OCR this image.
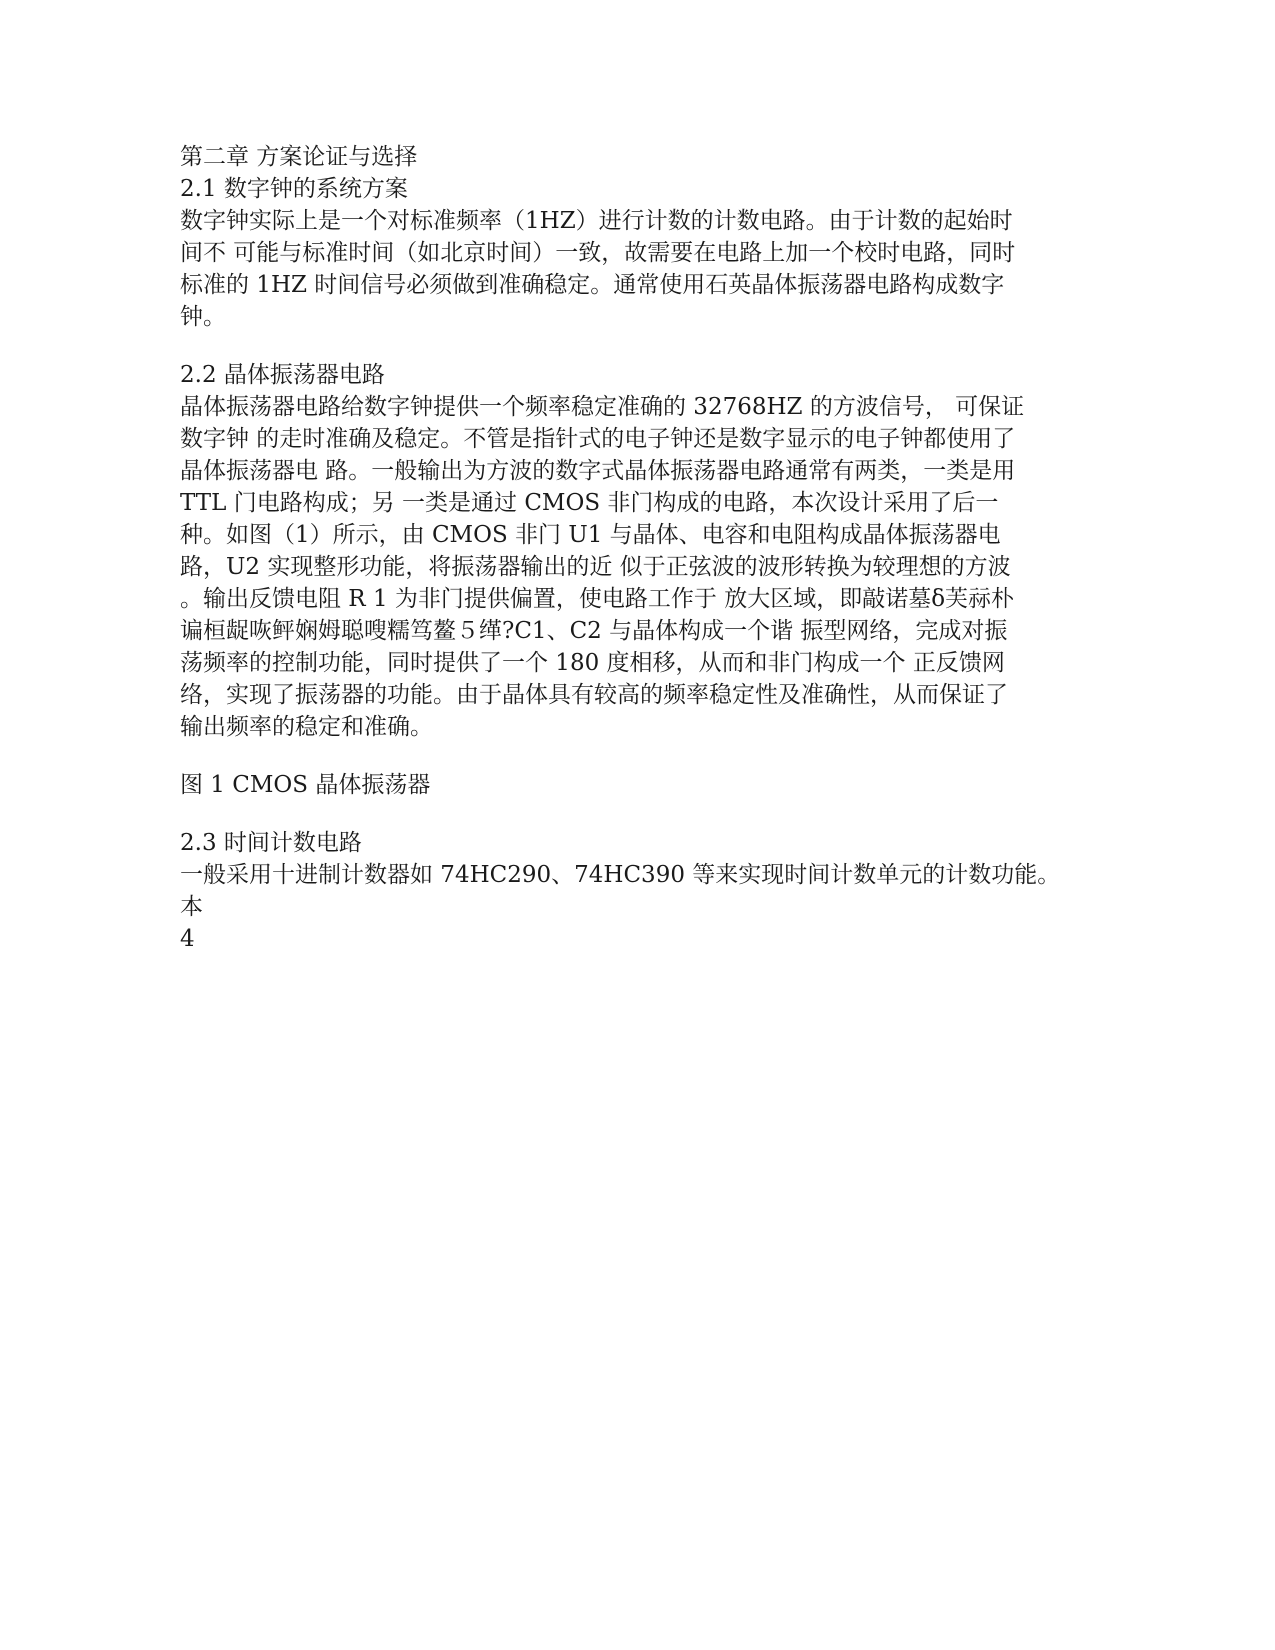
第二章 方案论证与选择
2.1 数字钟的系统方案
数字钟实际上是一个对标准频率（1HZ）进行计数的计数电路。由于计数的起始时
间不 可能与标准时间（如北京时间）一致，故需要在电路上加一个校时电路，同时
标准的 1HZ 时间信号必须做到准确稳定。通常使用石英晶体振荡器电路构成数字
钟。
2.2 晶体振荡器电路
晶体振荡器电路给数字钟提供一个频率稳定准确的 32768HZ 的方波信号， 可保证
数字钟 的走时准确及稳定。不管是指针式的电子钟还是数字显示的电子钟都使用了
晶体振荡器电 路。一般输出为方波的数字式晶体振荡器电路通常有两类，一类是用
TTL 门电路构成；另 一类是通过 CMOS 非门构成的电路，本次设计采用了后一
种。如图（1）所示，由 CMOS 非门 U1 与晶体、电容和电阻构成晶体振荡器电
路，U2 实现整形功能，将振荡器输出的近 似于正弦波的波形转换为较理想的方波
。输出反馈电阻 R 1 为非门提供偏置，使电路工作于 放大区域，即敲诺墓δ芙祘朴
谝桓龊咴鲆娴姆聪嗖糯笃鳌５缂?C1、C2 与晶体构成一个谐 振型网络，完成对振
荡频率的控制功能，同时提供了一个 180 度相移，从而和非门构成一个 正反馈网
络，实现了振荡器的功能。由于晶体具有较高的频率稳定性及准确性，从而保证了
输出频率的稳定和准确。
图 1 CMOS 晶体振荡器
2.3 时间计数电路
一般采用十进制计数器如 74HC290、74HC390 等来实现时间计数单元的计数功能。
本
4
